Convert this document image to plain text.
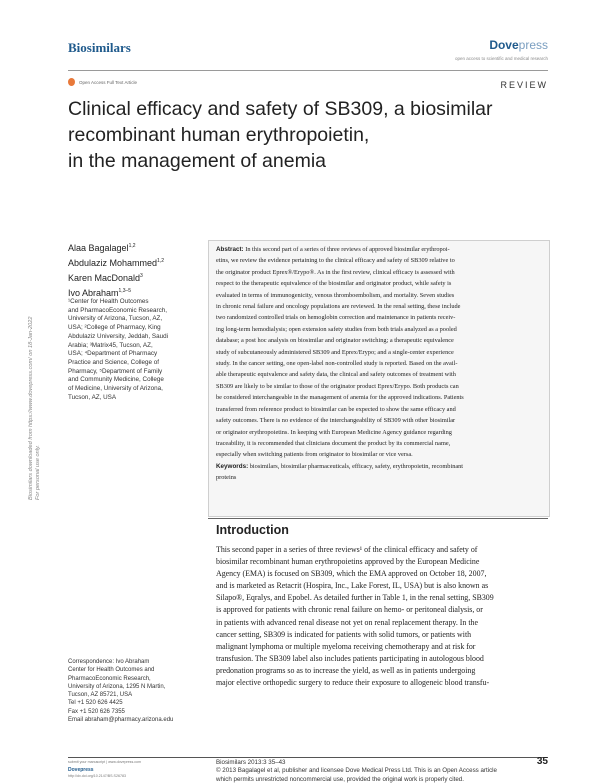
Biosimilars	Dovepress
open access to scientific and medical research
Open Access Full Text Article	REVIEW
Clinical efficacy and safety of SB309, a biosimilar
recombinant human erythropoietin,
in the management of anemia
Biosimilars downloaded from https://www.dovepress.com/ on 18-Jan-2022 For personal use only.
Alaa Bagalagel$^{1,2}$
Abdulaziz Mohammed$^{1,2}$
Karen MacDonald$^3$
Ivo Abraham$^{1,3-5}$
¹Center for Health Outcomes
and PharmacoEconomic Research,
University of Arizona, Tucson, AZ,
USA; ²College of Pharmacy, King
Abdulaziz University, Jeddah, Saudi
Arabia; ³Matrix45, Tucson, AZ,
USA; ⁴Department of Pharmacy
Practice and Science, College of
Pharmacy, ⁵Department of Family
and Community Medicine, College
of Medicine, University of Arizona,
Tucson, AZ, USA
Abstract: In this second part of a series of three reviews of approved biosimilar erythropoi-
etins, we review the evidence pertaining to the clinical efficacy and safety of SB309 relative to
the originator product Eprex®/Erypo®. As in the first review, clinical efficacy is assessed with
respect to the therapeutic equivalence of the biosimilar and originator product, while safety is
evaluated in terms of immunogenicity, venous thromboembolism, and mortality. Seven studies
in chronic renal failure and oncology populations are reviewed. In the renal setting, these include
two randomized controlled trials on hemoglobin correction and maintenance in patients receiv-
ing long-term hemodialysis; open extension safety studies from both trials analyzed as a pooled
database; a post hoc analysis on biosimilar and originator switching; a therapeutic equivalence
study of subcutaneously administered SB309 and Eprex/Erypo; and a single-center experience
study. In the cancer setting, one open-label non-controlled study is reported. Based on the avail-
able therapeutic equivalence and safety data, the clinical and safety outcomes of treatment with
SB309 are likely to be similar to those of the originator product Eprex/Erypo. Both products can
be considered interchangeable in the management of anemia for the approved indications. Patients
transferred from reference product to biosimilar can be expected to show the same efficacy and
safety outcomes. There is no evidence of the interchangeability of SB309 with other biosimilar
or originator erythropoietins. In keeping with European Medicine Agency guidance regarding
traceability, it is recommended that clinicians document the product by its commercial name,
especially when switching patients from originator to biosimilar or vice versa.
Keywords: biosimilars, biosimilar pharmaceuticals, efficacy, safety, erythropoietin, recombinant
proteins
Introduction
This second paper in a series of three reviews¹ of the clinical efficacy and safety of
biosimilar recombinant human erythropoietins approved by the European Medicine
Agency (EMA) is focused on SB309, which the EMA approved on October 18, 2007,
and is marketed as Retacrit (Hospira, Inc., Lake Forest, IL, USA) but is also known as
Silapo®, Eqralys, and Epobel. As detailed further in Table 1, in the renal setting, SB309
is approved for patients with chronic renal failure on hemo- or peritoneal dialysis, or
in patients with advanced renal disease not yet on renal replacement therapy. In the
cancer setting, SB309 is indicated for patients with solid tumors, or patients with
malignant lymphoma or multiple myeloma receiving chemotherapy and at risk for
transfusion. The SB309 label also includes patients participating in autologous blood
predonation programs so as to increase the yield, as well as in patients undergoing
major elective orthopedic surgery to reduce their exposure to allogeneic blood transfu-
Correspondence: Ivo Abraham
Center for Health Outcomes and
PharmacoEconomic Research,
University of Arizona, 1295 N Martin,
Tucson, AZ 85721, USA
Tel +1 520 626 4425
Fax +1 520 626 7355
Email abraham@pharmacy.arizona.edu
submit your manuscript | www.dovepress.com
Dovepress
http://dx.doi.org/10.2147/BS.S26783
Biosimilars 2013:3 35–43	35
© 2013 Bagalagel et al, publisher and licensee Dove Medical Press Ltd. This is an Open Access article
which permits unrestricted noncommercial use, provided the original work is properly cited.
